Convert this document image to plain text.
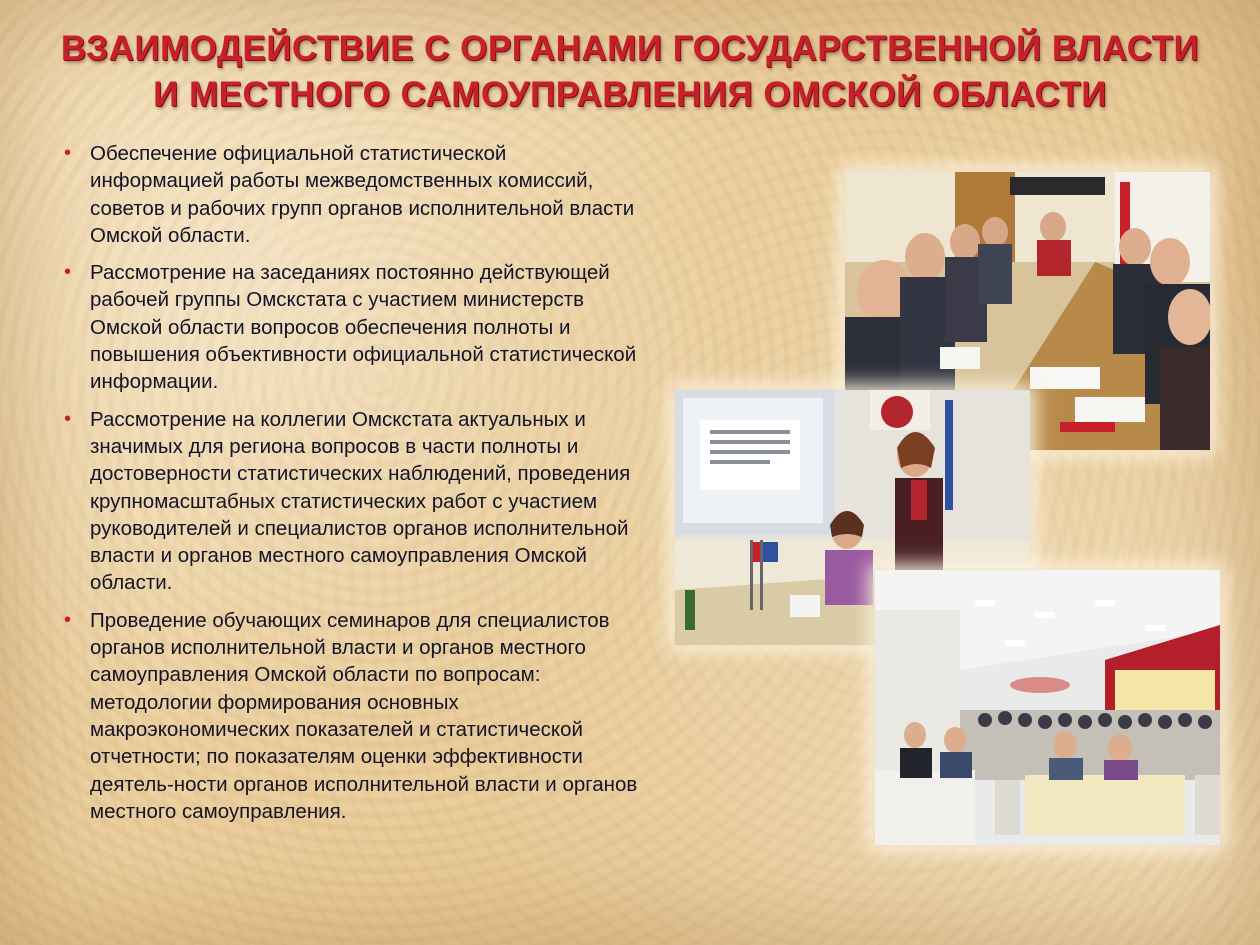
ВЗАИМОДЕЙСТВИЕ С ОРГАНАМИ ГОСУДАРСТВЕННОЙ ВЛАСТИ
И МЕСТНОГО САМОУПРАВЛЕНИЯ ОМСКОЙ ОБЛАСТИ
• Обеспечение официальной статистической информацией работы межведомственных комиссий, советов и рабочих групп органов исполнительной власти Омской области.
• Рассмотрение на заседаниях постоянно действующей рабочей группы Омскстата с участием министерств Омской области вопросов обеспечения полноты и повышения объективности официальной статистической информации.
• Рассмотрение на коллегии Омскстата актуальных и значимых для региона вопросов в части полноты и достоверности статистических наблюдений, проведения крупномасштабных статистических работ с участием руководителей и специалистов органов исполнительной власти и органов местного самоуправления Омской области.
• Проведение обучающих семинаров для специалистов органов исполнительной власти и органов местного самоуправления Омской области по вопросам: методологии формирования основных макроэкономических показателей и статистической отчетности; по показателям оценки эффективности деятель-ности органов исполнительной власти и органов местного самоуправления.
